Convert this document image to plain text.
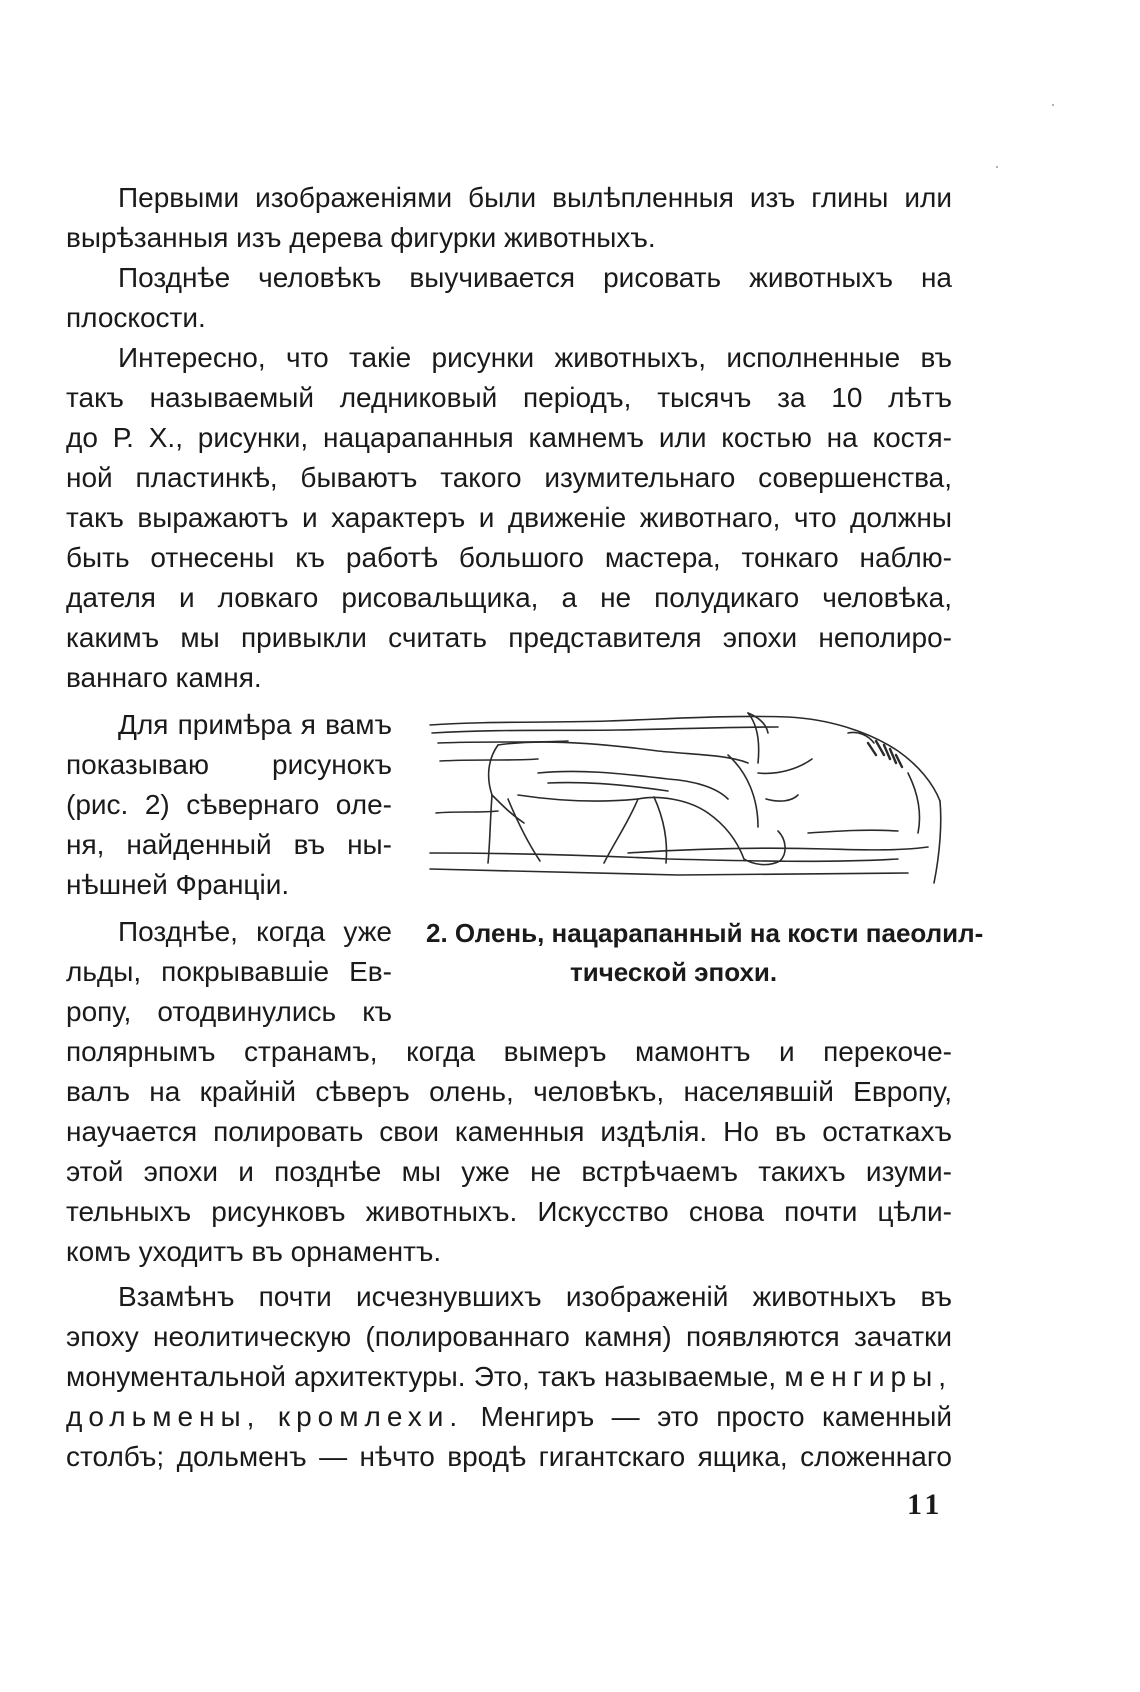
Первыми изображеніями были вылѣпленныя изъ глины или
вырѣзанныя изъ дерева фигурки животныхъ.
Позднѣе человѣкъ выучивается рисовать животныхъ на
плоскости.
Интересно, что такіе рисунки животныхъ, исполненные въ
такъ называемый ледниковый періодъ, тысячъ за 10 лѣтъ
до Р. Х., рисунки, нацарапанныя камнемъ или костью на костя-
ной пластинкѣ, бываютъ такого изумительнаго совершенства,
такъ выражаютъ и характеръ и движеніе животнаго, что должны
быть отнесены къ работѣ большого мастера, тонкаго наблю-
дателя и ловкаго рисовальщика, а не полудикаго человѣка,
какимъ мы привыкли считать представителя эпохи неполиро-
ваннаго камня.
Для примѣра я вамъ
показываю рисунокъ
(рис. 2) сѣвернаго оле-
ня, найденный въ ны-
нѣшней Франціи.
2. Олень, нацарапанный на кости паеолил-
тической эпохи.
Позднѣе, когда уже
льды, покрывавшіе Ев-
ропу, отодвинулись къ
полярнымъ странамъ, когда вымеръ мамонтъ и перекоче-
валъ на крайній сѣверъ олень, человѣкъ, населявшій Европу,
научается полировать свои каменныя издѣлія. Но въ остаткахъ
этой эпохи и позднѣе мы уже не встрѣчаемъ такихъ изуми-
тельныхъ рисунковъ животныхъ. Искусство снова почти цѣли-
комъ уходитъ въ орнаментъ.
Взамѣнъ почти исчезнувшихъ изображеній животныхъ въ
эпоху неолитическую (полированнаго камня) появляются зачатки
монументальной архитектуры. Это, такъ называемые, менгиры,
дольмены, кромлехи. Менгиръ — это просто каменный
столбъ; дольменъ — нѣчто вродѣ гигантскаго ящика, сложеннаго
11
